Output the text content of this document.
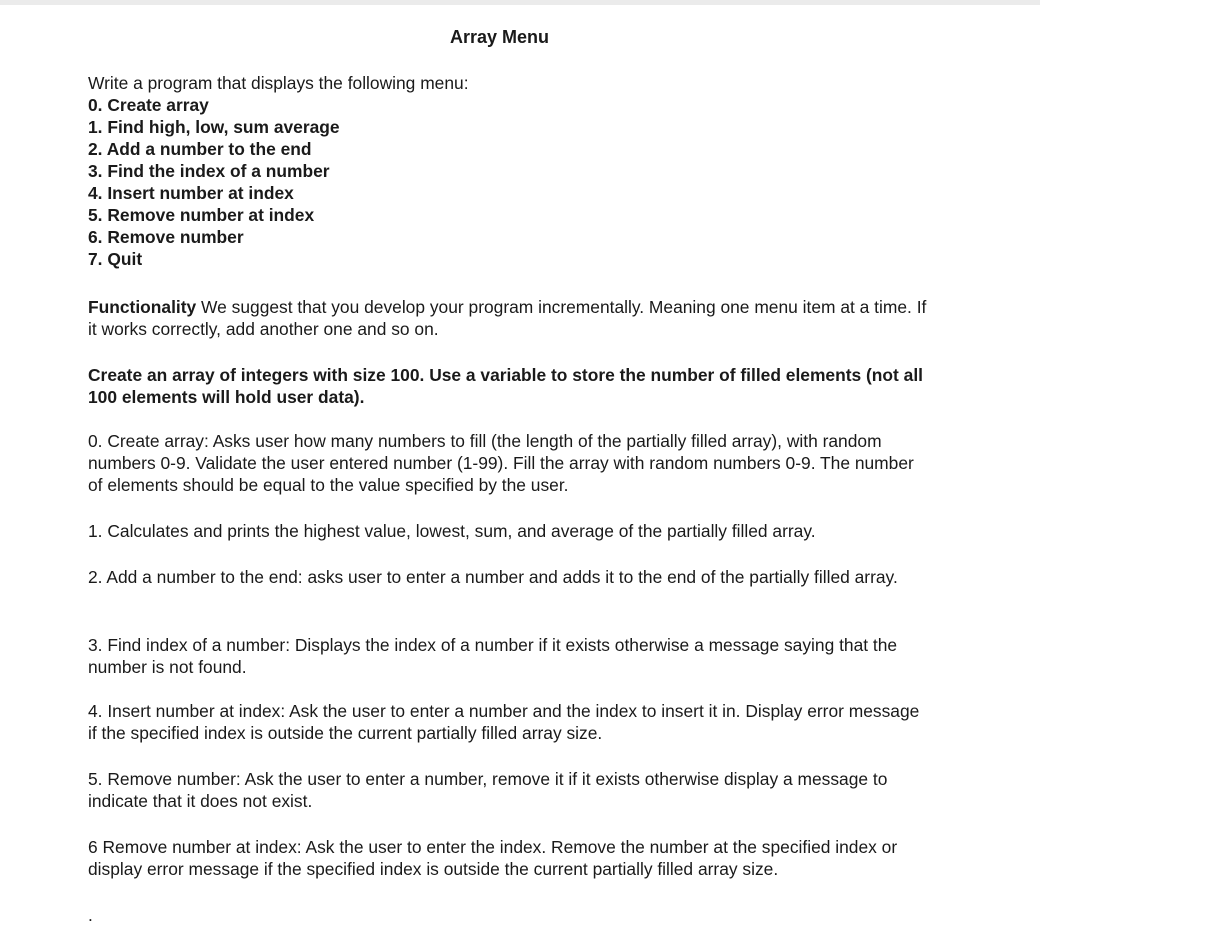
Array Menu
Write a program that displays the following menu:
0. Create array
1. Find high, low, sum average
2. Add a number to the end
3. Find the index of a number
4. Insert number at index
5. Remove number at index
6. Remove number
7. Quit
Functionality We suggest that you develop your program incrementally. Meaning one menu item at a time. If it works correctly, add another one and so on.
Create an array of integers with size 100. Use a variable to store the number of filled elements (not all 100 elements will hold user data).
0. Create array: Asks user how many numbers to fill (the length of the partially filled array), with random numbers 0-9. Validate the user entered number (1-99). Fill the array with random numbers 0-9. The number of elements should be equal to the value specified by the user.
1. Calculates and prints the highest value, lowest, sum, and average of the partially filled array.
2. Add a number to the end: asks user to enter a number and adds it to the end of the partially filled array.
3. Find index of a number: Displays the index of a number if it exists otherwise a message saying that the number is not found.
4. Insert number at index: Ask the user to enter a number and the index to insert it in. Display error message if the specified index is outside the current partially filled array size.
5. Remove number: Ask the user to enter a number, remove it if it exists otherwise display a message to indicate that it does not exist.
6 Remove number at index: Ask the user to enter the index. Remove the number at the specified index or display error message if the specified index is outside the current partially filled array size.
.
